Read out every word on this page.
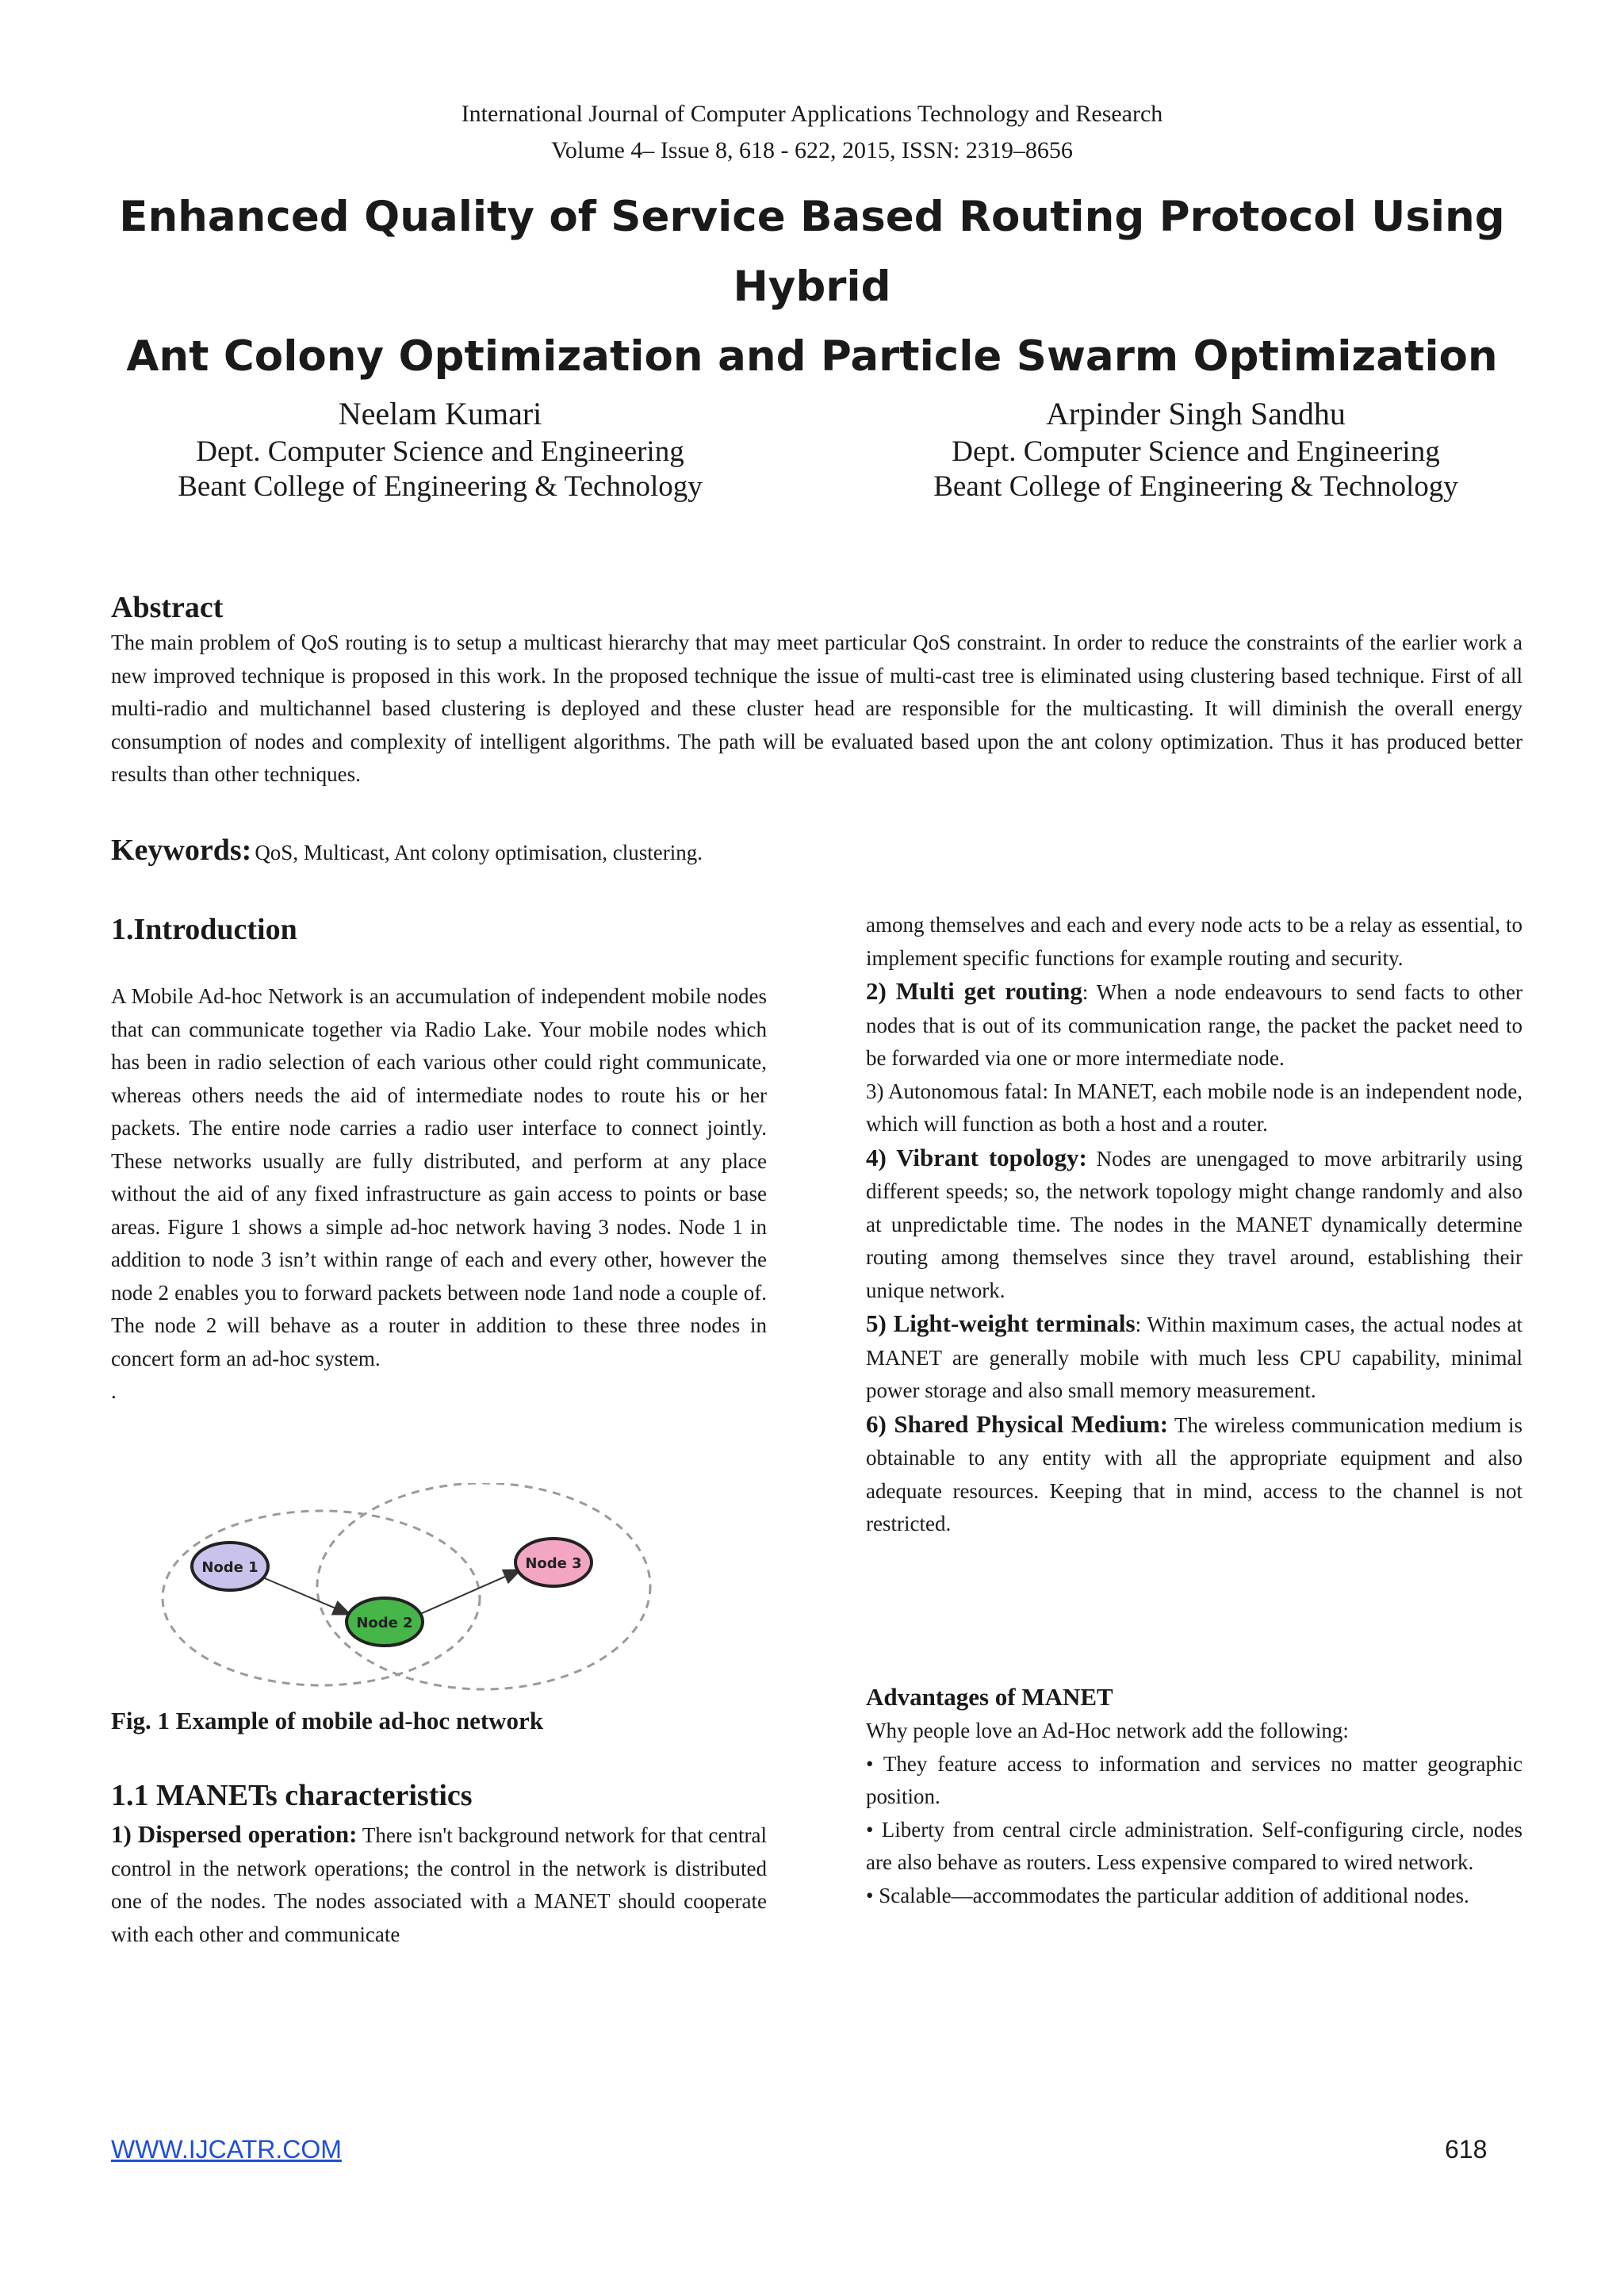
International Journal of Computer Applications Technology and Research
Volume 4– Issue 8, 618 - 622, 2015, ISSN: 2319–8656
Enhanced Quality of Service Based Routing Protocol Using Hybrid
Ant Colony Optimization and Particle Swarm Optimization
Neelam Kumari
Dept. Computer Science and Engineering
Beant College of Engineering & Technology
Arpinder Singh Sandhu
Dept. Computer Science and Engineering
Beant College of Engineering & Technology
Abstract

The main problem of QoS routing is to setup a multicast hierarchy that may meet particular QoS constraint. In order to reduce the constraints of the earlier work a new improved technique is proposed in this work. In the proposed technique the issue of multi-cast tree is eliminated using clustering based technique. First of all multi-radio and multichannel based clustering is deployed and these cluster head are responsible for the multicasting. It will diminish the overall energy consumption of nodes and complexity of intelligent algorithms. The path will be evaluated based upon the ant colony optimization. Thus it has produced better results than other techniques.

Keywords: QoS, Multicast, Ant colony optimisation, clustering.
1.Introduction

A Mobile Ad-hoc Network is an accumulation of independent mobile nodes that can communicate together via Radio Lake. Your mobile nodes which has been in radio selection of each various other could right communicate, whereas others needs the aid of intermediate nodes to route his or her packets. The entire node carries a radio user interface to connect jointly. These networks usually are fully distributed, and perform at any place without the aid of any fixed infrastructure as gain access to points or base areas. Figure 1 shows a simple ad-hoc network having 3 nodes. Node 1 in addition to node 3 isn’t within range of each and every other, however the node 2 enables you to forward packets between node 1and node a couple of. The node 2 will behave as a router in addition to these three nodes in concert form an ad-hoc system.

.
Node 1
Node 2
Node 3
Fig. 1 Example of mobile ad-hoc network
1.1 MANETs characteristics

1) Dispersed operation: There isn't background network for that central control in the network operations; the control in the network is distributed one of the nodes. The nodes associated with a MANET should cooperate with each other and communicate

among themselves and each and every node acts to be a relay as essential, to implement specific functions for example routing and security.

2) Multi get routing: When a node endeavours to send facts to other nodes that is out of its communication range, the packet the packet need to be forwarded via one or more intermediate node.

3) Autonomous fatal: In MANET, each mobile node is an independent node, which will function as both a host and a router.

4) Vibrant topology: Nodes are unengaged to move arbitrarily using different speeds; so, the network topology might change randomly and also at unpredictable time. The nodes in the MANET dynamically determine routing among themselves since they travel around, establishing their unique network.

5) Light-weight terminals: Within maximum cases, the actual nodes at MANET are generally mobile with much less CPU capability, minimal power storage and also small memory measurement.

6) Shared Physical Medium: The wireless communication medium is obtainable to any entity with all the appropriate equipment and also adequate resources. Keeping that in mind, access to the channel is not restricted.

Advantages of MANET

Why people love an Ad-Hoc network add the following:

• They feature access to information and services no matter geographic position.

• Liberty from central circle administration. Self-configuring circle, nodes are also behave as routers. Less expensive compared to wired network.

• Scalable—accommodates the particular addition of additional nodes.

WWW.IJCATR.COM	618
